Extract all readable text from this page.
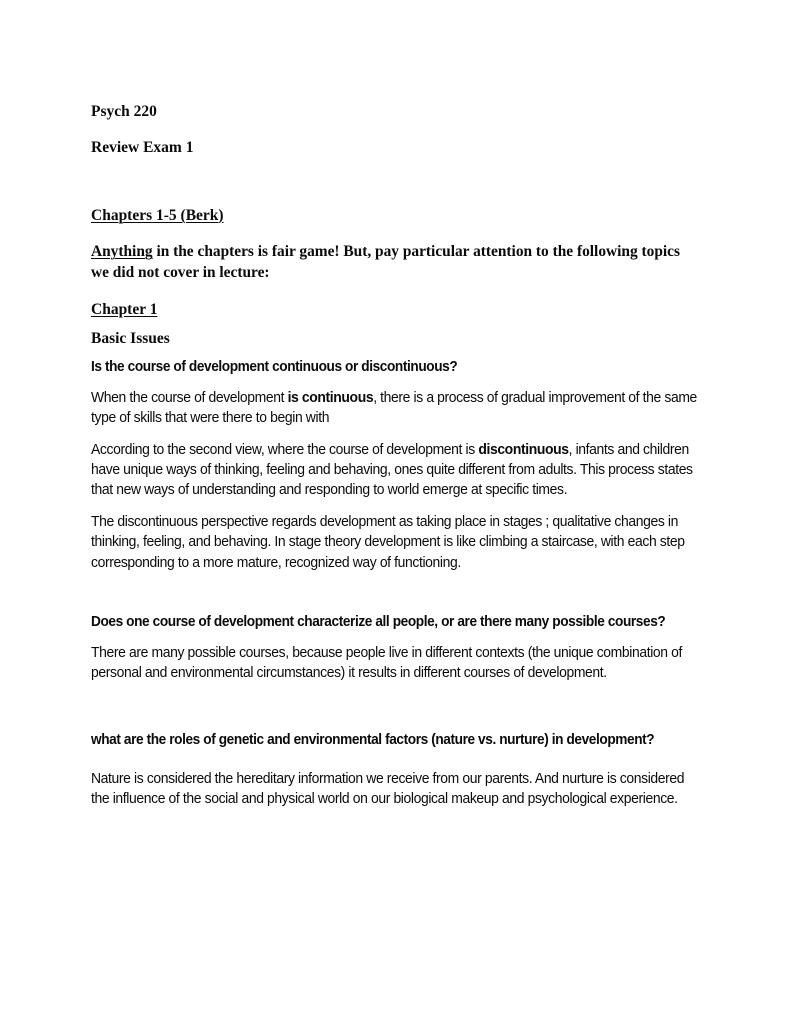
Psych 220

Review Exam 1

Chapters 1-5 (Berk)

Anything in the chapters is fair game! But, pay particular attention to the following topics we did not cover in lecture:

Chapter 1

Basic Issues

Is the course of development continuous or discontinuous?

When the course of development is continuous, there is a process of gradual improvement of the same type of skills that were there to begin with

According to the second view, where the course of development is discontinuous, infants and children have unique ways of thinking, feeling and behaving, ones quite different from adults. This process states that new ways of understanding and responding to world emerge at specific times.

The discontinuous perspective regards development as taking place in stages ; qualitative changes in thinking, feeling, and behaving. In stage theory development is like climbing a staircase, with each step corresponding to a more mature, recognized way of functioning.

Does one course of development characterize all people, or are there many possible courses?

There are many possible courses, because people live in different contexts (the unique combination of personal and environmental circumstances) it results in different courses of development.

what are the roles of genetic and environmental factors (nature vs. nurture) in development?

Nature is considered the hereditary information we receive from our parents. And nurture is considered the influence of the social and physical world on our biological makeup and psychological experience.
